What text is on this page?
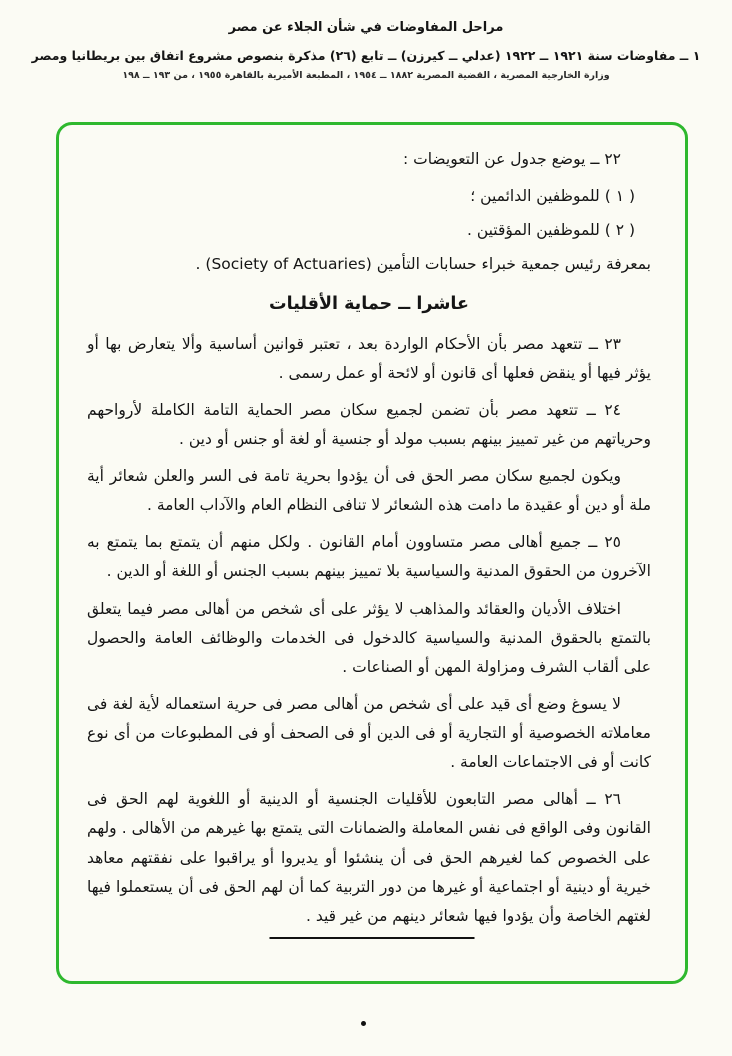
مراحل المفاوضات في شأن الجلاء عن مصر
١ ــ مفاوضات سنة ١٩٢١ ــ ١٩٢٢ (عدلي ــ كيرزن) ــ تابع (٢٦) مذكرة بنصوص مشروع اتفاق بين بريطانيا ومصر
وزارة الخارجية المصرية ، القضية المصرية ١٨٨٢ ــ ١٩٥٤ ، المطبعة الأميرية بالقاهرة ١٩٥٥ ، من ١٩٣ ــ ١٩٨

٢٢ ــ يوضع جدول عن التعويضات :

( ١ ) للموظفين الدائمين ؛

( ٢ ) للموظفين المؤقتين .

بمعرفة رئيس جمعية خبراء حسابات التأمين (Society of Actuaries) .

عاشرا ــ حماية الأقليات

٢٣ ــ تتعهد مصر بأن الأحكام الواردة بعد ، تعتبر قوانين أساسية وألا يتعارض بها أو يؤثر فيها أو ينقض فعلها أى قانون أو لائحة أو عمل رسمى .

٢٤ ــ تتعهد مصر بأن تضمن لجميع سكان مصر الحماية التامة الكاملة لأرواحهم وحرياتهم من غير تمييز بينهم بسبب مولد أو جنسية أو لغة أو جنس أو دين .

ويكون لجميع سكان مصر الحق فى أن يؤدوا بحرية تامة فى السر والعلن شعائر أية ملة أو دين أو عقيدة ما دامت هذه الشعائر لا تنافى النظام العام والآداب العامة .

٢٥ ــ جميع أهالى مصر متساوون أمام القانون . ولكل منهم أن يتمتع بما يتمتع به الآخرون من الحقوق المدنية والسياسية بلا تمييز بينهم بسبب الجنس أو اللغة أو الدين .

اختلاف الأديان والعقائد والمذاهب لا يؤثر على أى شخص من أهالى مصر فيما يتعلق بالتمتع بالحقوق المدنية والسياسية كالدخول فى الخدمات والوظائف العامة والحصول على ألقاب الشرف ومزاولة المهن أو الصناعات .

لا يسوغ وضع أى قيد على أى شخص من أهالى مصر فى حرية استعماله لأية لغة فى معاملاته الخصوصية أو التجارية أو فى الدين أو فى الصحف أو فى المطبوعات من أى نوع كانت أو فى الاجتماعات العامة .

٢٦ ــ أهالى مصر التابعون للأقليات الجنسية أو الدينية أو اللغوية لهم الحق فى القانون وفى الواقع فى نفس المعاملة والضمانات التى يتمتع بها غيرهم من الأهالى . ولهم على الخصوص كما لغيرهم الحق فى أن ينشئوا أو يديروا أو يراقبوا على نفقتهم معاهد خيرية أو دينية أو اجتماعية أو غيرها من دور التربية كما أن لهم الحق فى أن يستعملوا فيها لغتهم الخاصة وأن يؤدوا فيها شعائر دينهم من غير قيد .
